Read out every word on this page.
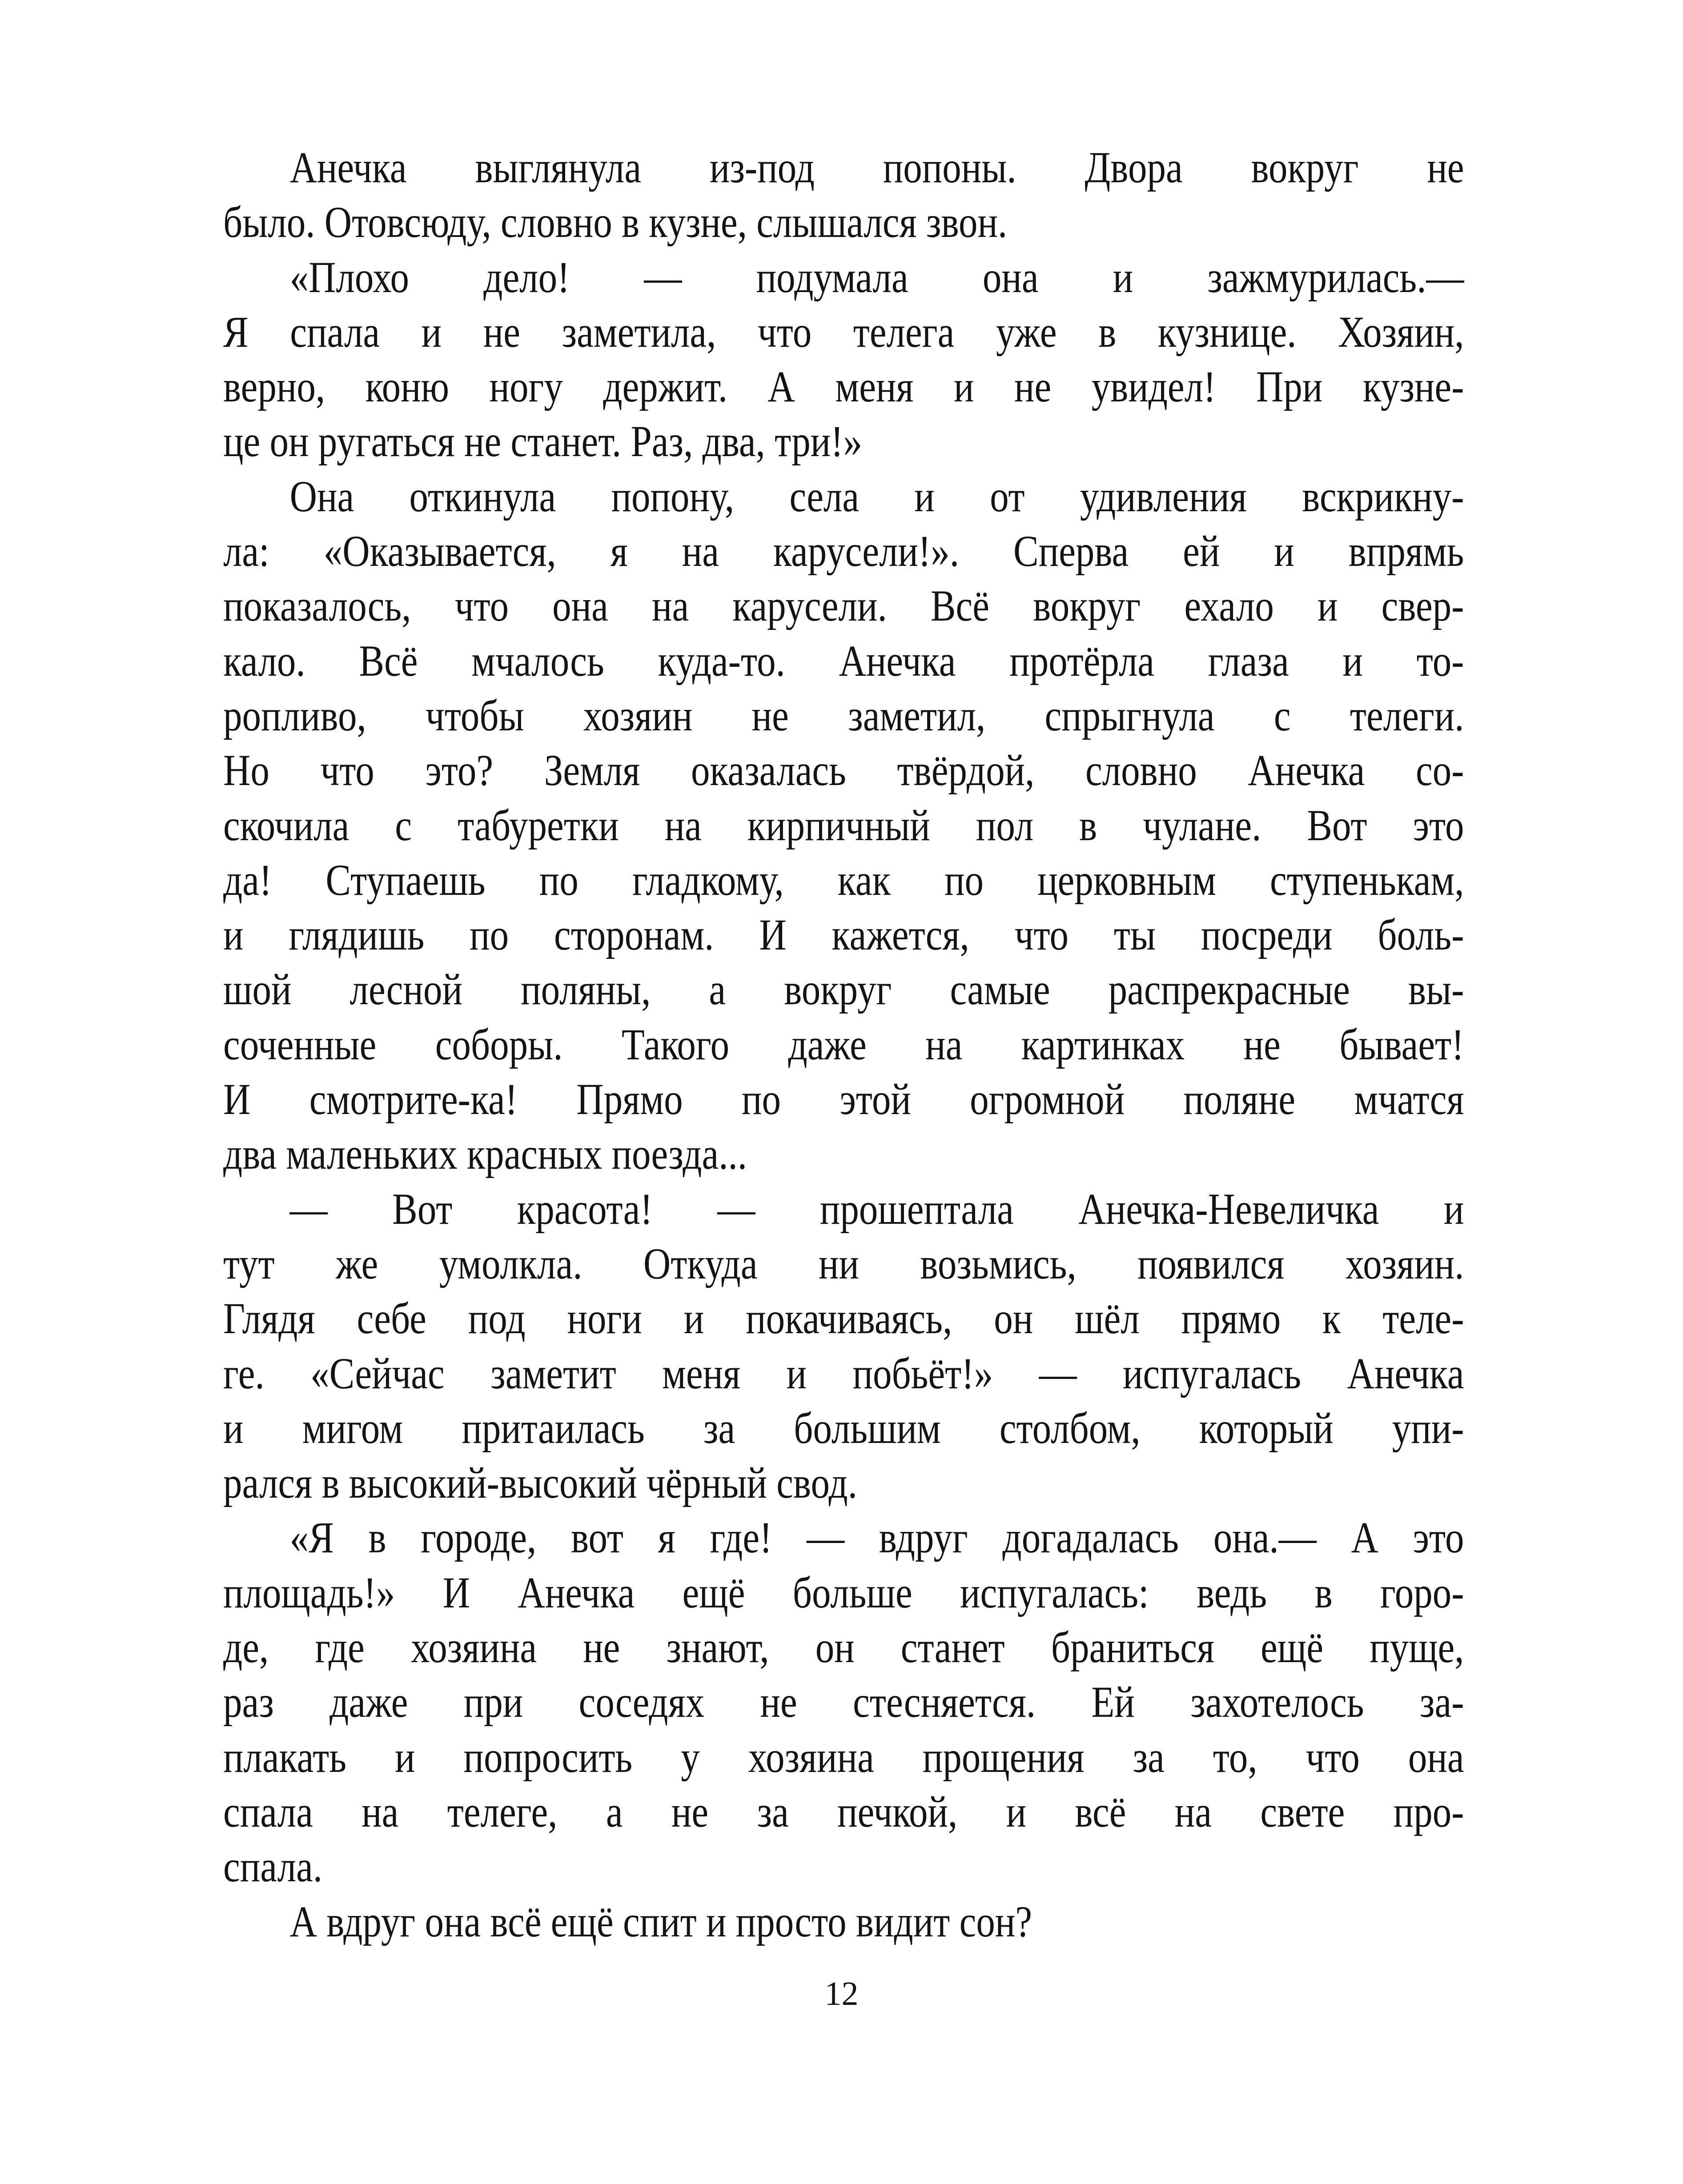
Анечка выглянула из-под попоны. Двора вокруг не
было. Отовсюду, словно в кузне, слышался звон.
«Плохо дело! — подумала она и зажмурилась.—
Я спала и не заметила, что телега уже в кузнице. Хозяин,
верно, коню ногу держит. А меня и не увидел! При кузне-
це он ругаться не станет. Раз, два, три!»
Она откинула попону, села и от удивления вскрикну-
ла: «Оказывается, я на карусели!». Сперва ей и впрямь
показалось, что она на карусели. Всё вокруг ехало и свер-
кало. Всё мчалось куда-то. Анечка протёрла глаза и то-
ропливо, чтобы хозяин не заметил, спрыгнула с телеги.
Но что это? Земля оказалась твёрдой, словно Анечка со-
скочила с табуретки на кирпичный пол в чулане. Вот это
да! Ступаешь по гладкому, как по церковным ступенькам,
и глядишь по сторонам. И кажется, что ты посреди боль-
шой лесной поляны, а вокруг самые распрекрасные вы-
соченные соборы. Такого даже на картинках не бывает!
И смотрите-ка! Прямо по этой огромной поляне мчатся
два маленьких красных поезда...
— Вот красота! — прошептала Анечка-Невеличка и
тут же умолкла. Откуда ни возьмись, появился хозяин.
Глядя себе под ноги и покачиваясь, он шёл прямо к теле-
ге. «Сейчас заметит меня и побьёт!» — испугалась Анечка
и мигом притаилась за большим столбом, который упи-
рался в высокий-высокий чёрный свод.
«Я в городе, вот я где! — вдруг догадалась она.— А это
площадь!» И Анечка ещё больше испугалась: ведь в горо-
де, где хозяина не знают, он станет браниться ещё пуще,
раз даже при соседях не стесняется. Ей захотелось за-
плакать и попросить у хозяина прощения за то, что она
спала на телеге, а не за печкой, и всё на свете про-
спала.
А вдруг она всё ещё спит и просто видит сон?
12
